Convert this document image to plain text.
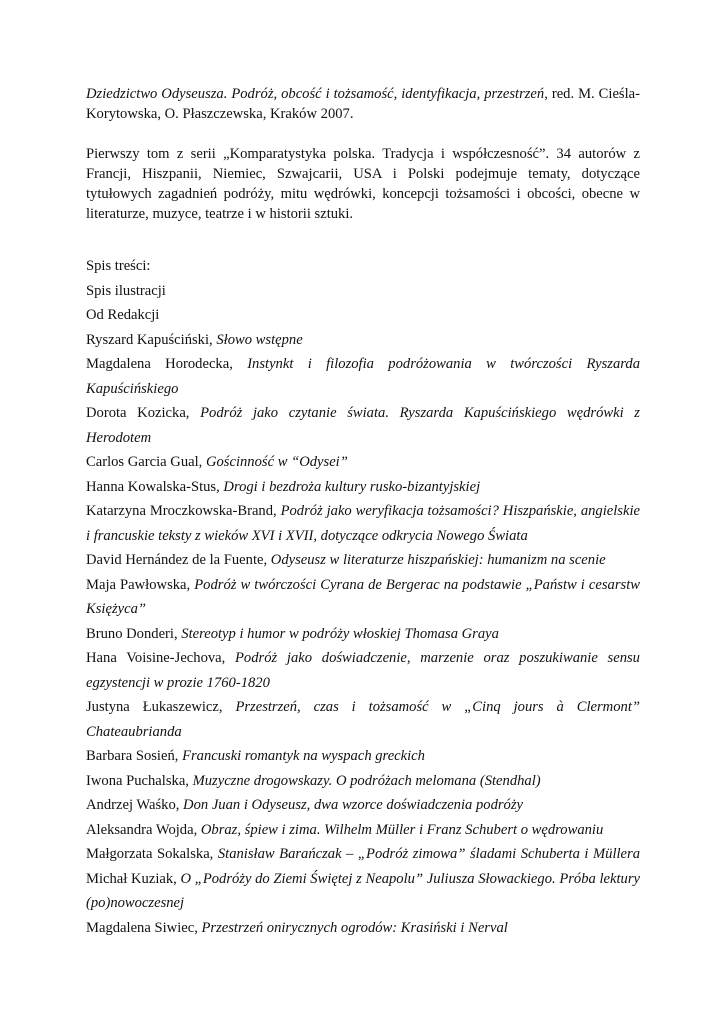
Dziedzictwo Odyseusza. Podróż, obcość i tożsamość, identyfikacja, przestrzeń, red. M. Cieśla-Korytowska, O. Płaszczewska, Kraków 2007.

Pierwszy tom z serii „Komparatystyka polska. Tradycja i współczesność”. 34 autorów z Francji, Hiszpanii, Niemiec, Szwajcarii, USA i Polski podejmuje tematy, dotyczące tytułowych zagadnień podróży, mitu wędrówki, koncepcji tożsamości i obcości, obecne w literaturze, muzyce, teatrze i w historii sztuki.

Spis treści:
Spis ilustracji
Od Redakcji
Ryszard Kapuściński, Słowo wstępne
Magdalena Horodecka, Instynkt i filozofia podróżowania w twórczości Ryszarda Kapuścińskiego
Dorota Kozicka, Podróż jako czytanie świata. Ryszarda Kapuścińskiego wędrówki z Herodotem
Carlos Garcia Gual, Gościnność w “Odysei”
Hanna Kowalska-Stus, Drogi i bezdroża kultury rusko-bizantyjskiej
Katarzyna Mroczkowska-Brand, Podróż jako weryfikacja tożsamości? Hiszpańskie, angielskie i francuskie teksty z wieków XVI i XVII, dotyczące odkrycia Nowego Świata
David Hernández de la Fuente, Odyseusz w literaturze hiszpańskiej: humanizm na scenie
Maja Pawłowska, Podróż w twórczości Cyrana de Bergerac na podstawie „Państw i cesarstw Księżyca”
Bruno Donderi, Stereotyp i humor w podróży włoskiej Thomasa Graya
Hana Voisine-Jechova, Podróż jako doświadczenie, marzenie oraz poszukiwanie sensu egzystencji w prozie 1760-1820
Justyna Łukaszewicz, Przestrzeń, czas i tożsamość w „Cinq jours à Clermont” Chateaubrianda
Barbara Sosień, Francuski romantyk na wyspach greckich
Iwona Puchalska, Muzyczne drogowskazy. O podróżach melomana (Stendhal)
Andrzej Waśko, Don Juan i Odyseusz, dwa wzorce doświadczenia podróży
Aleksandra Wojda, Obraz, śpiew i zima. Wilhelm Müller i Franz Schubert o wędrowaniu
Małgorzata Sokalska, Stanisław Barańczak – „Podróż zimowa” śladami Schuberta i Müllera
Michał Kuziak, O „Podróży do Ziemi Świętej z Neapolu” Juliusza Słowackiego. Próba lektury (po)nowoczesnej
Magdalena Siwiec, Przestrzeń onirycznych ogrodów: Krasiński i Nerval
